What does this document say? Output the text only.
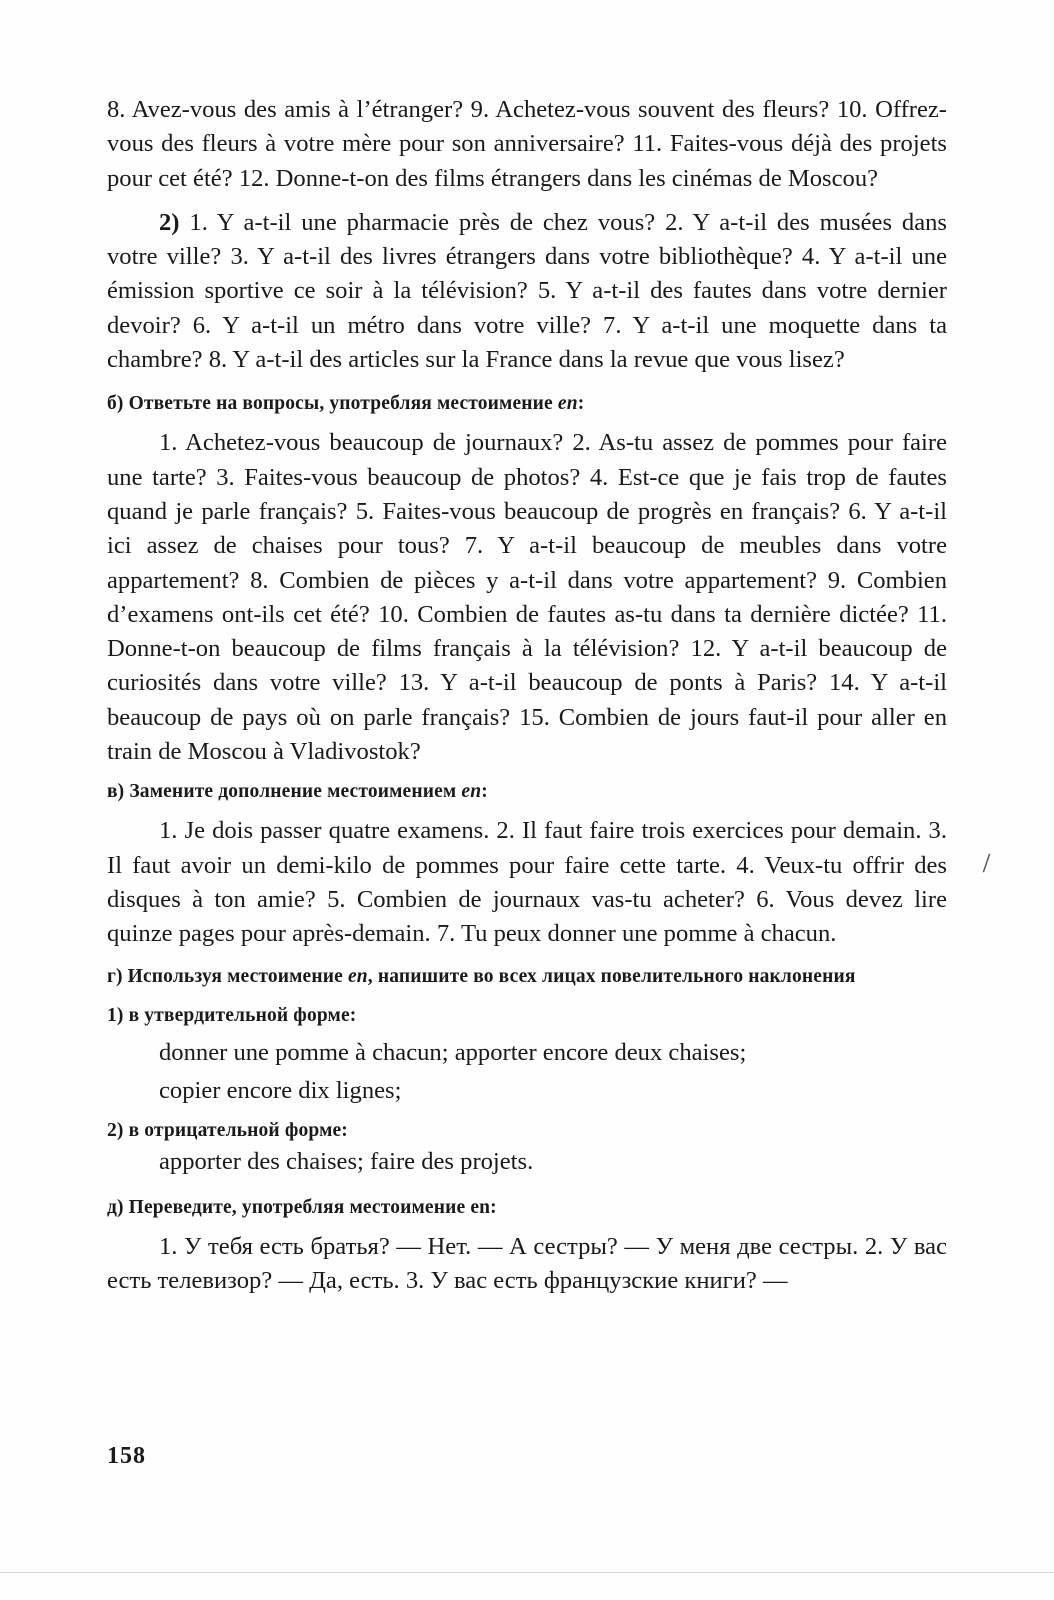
8. Avez-vous des amis à l’étranger? 9. Achetez-vous souvent des fleurs? 10. Offrez-vous des fleurs à votre mère pour son anniversaire? 11. Faites-vous déjà des projets pour cet été? 12. Donne-t-on des films étrangers dans les cinémas de Moscou?

2) 1. Y a-t-il une pharmacie près de chez vous? 2. Y a-t-il des musées dans votre ville? 3. Y a-t-il des livres étrangers dans votre bibliothèque? 4. Y a-t-il une émission sportive ce soir à la télévision? 5. Y a-t-il des fautes dans votre dernier devoir? 6. Y a-t-il un métro dans votre ville? 7. Y a-t-il une moquette dans ta chambre? 8. Y a-t-il des articles sur la France dans la revue que vous lisez?

б) Ответьте на вопросы, употребляя местоимение en:

1. Achetez-vous beaucoup de journaux? 2. As-tu assez de pommes pour faire une tarte? 3. Faites-vous beaucoup de photos? 4. Est-ce que je fais trop de fautes quand je parle français? 5. Faites-vous beaucoup de progrès en français? 6. Y a-t-il ici assez de chaises pour tous? 7. Y a-t-il beaucoup de meubles dans votre appartement? 8. Combien de pièces y a-t-il dans votre appartement? 9. Combien d’examens ont-ils cet été? 10. Combien de fautes as-tu dans ta dernière dictée? 11. Donne-t-on beaucoup de films français à la télévision? 12. Y a-t-il beaucoup de curiosités dans votre ville? 13. Y a-t-il beaucoup de ponts à Paris? 14. Y a-t-il beaucoup de pays où on parle français? 15. Combien de jours faut-il pour aller en train de Moscou à Vladivostok?

в) Замените дополнение местоимением en:

1. Je dois passer quatre examens. 2. Il faut faire trois exercices pour demain. 3. Il faut avoir un demi-kilo de pommes pour faire cette tarte. 4. Veux-tu offrir des disques à ton amie? 5. Combien de journaux vas-tu acheter? 6. Vous devez lire quinze pages pour après-demain. 7. Tu peux donner une pomme à chacun.

г) Используя местоимение en, напишите во всех лицах повелительного наклонения

1) в утвердительной форме:

donner une pomme à chacun; apporter encore deux chaises;

copier encore dix lignes;

2) в отрицательной форме:

apporter des chaises; faire des projets.

д) Переведите, употребляя местоимение en:

1. У тебя есть братья? — Нет. — А сестры? — У меня две сестры. 2. У вас есть телевизор? — Да, есть. 3. У вас есть французские книги? —

158
⁄
